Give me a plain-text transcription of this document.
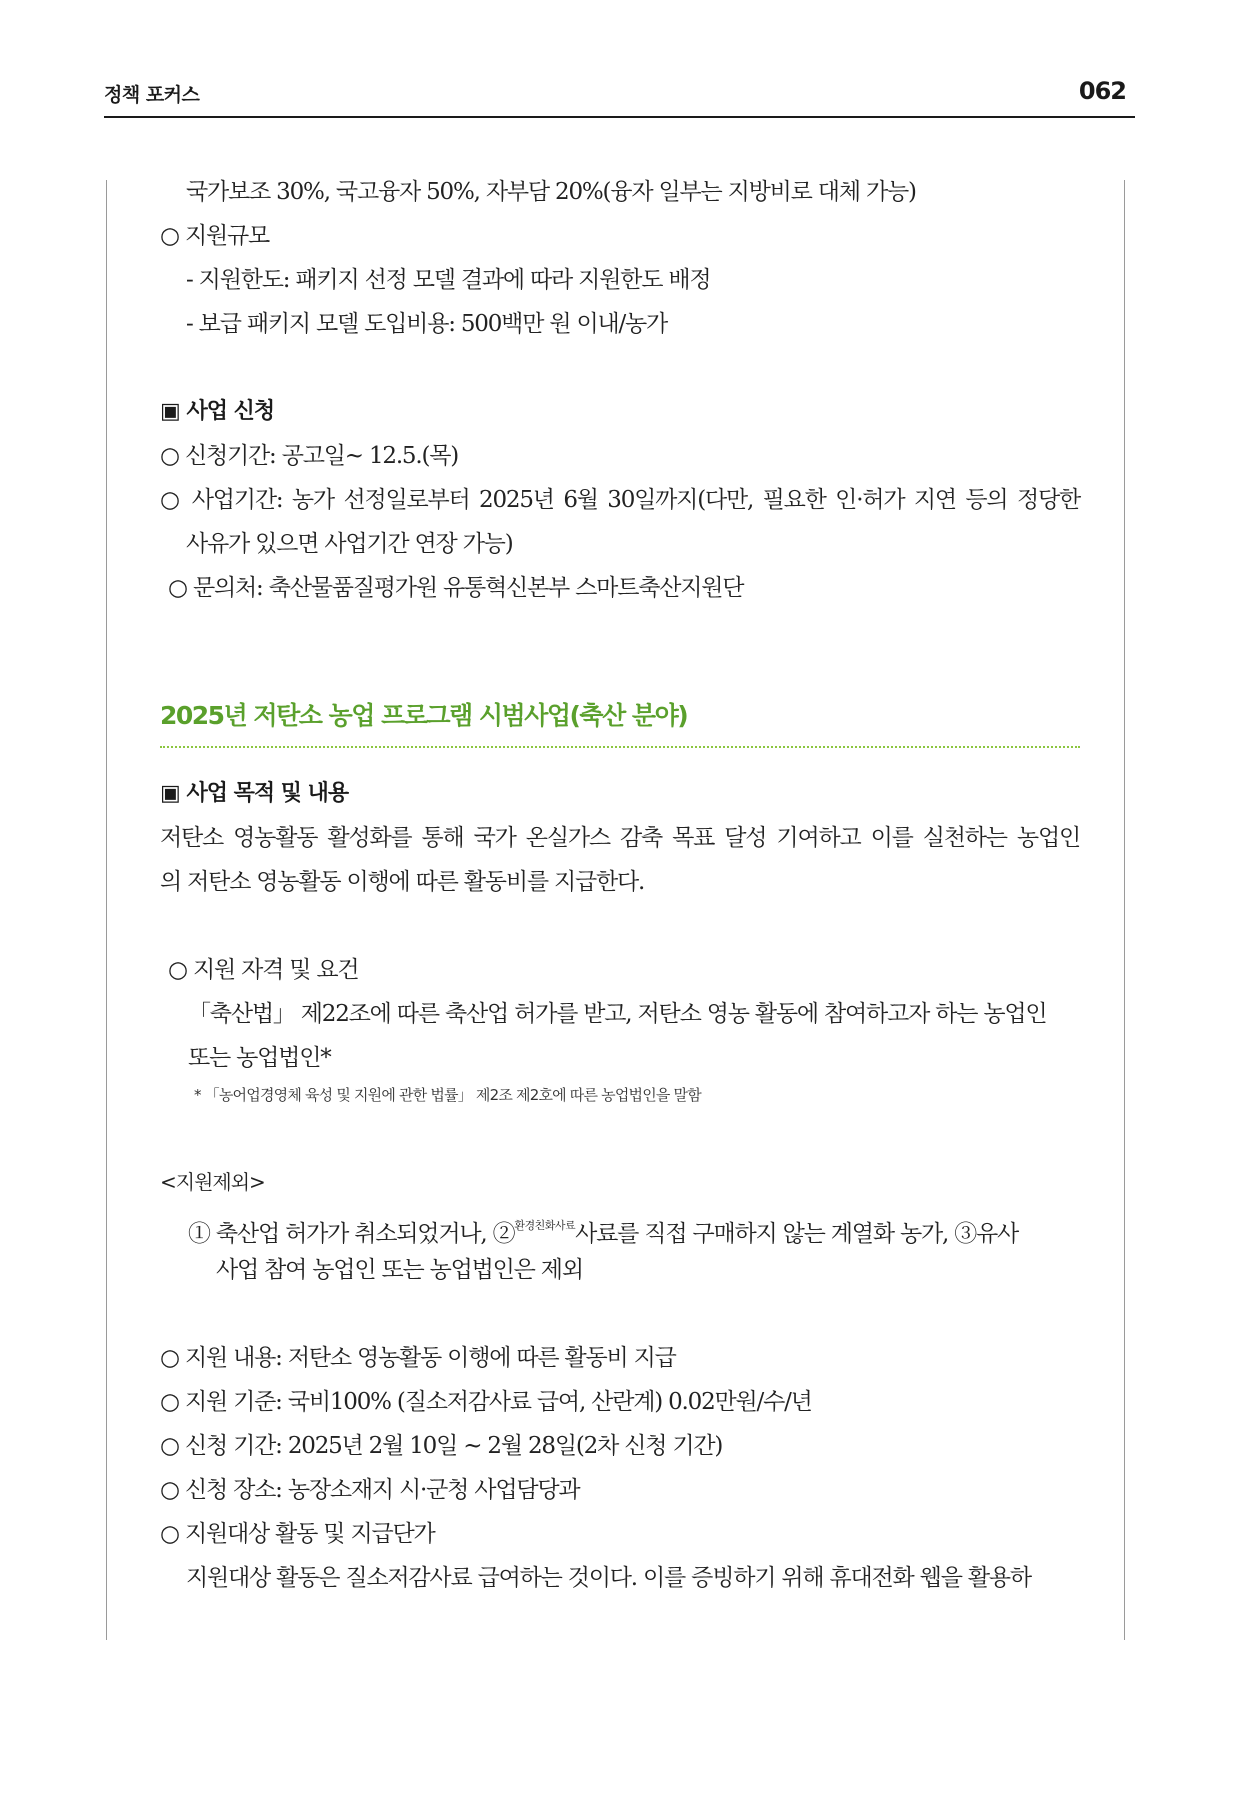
정책 포커스	062
국가보조 30%, 국고융자 50%, 자부담 20%(융자 일부는 지방비로 대체 가능)
○ 지원규모
- 지원한도: 패키지 선정 모델 결과에 따라 지원한도 배정
- 보급 패키지 모델 도입비용: 500백만 원 이내/농가
▣ 사업 신청
○ 신청기간: 공고일~ 12.5.(목)
○ 사업기간: 농가 선정일로부터 2025년 6월 30일까지(다만, 필요한 인·허가 지연 등의 정당한
사유가 있으면 사업기간 연장 가능)
○ 문의처: 축산물품질평가원 유통혁신본부 스마트축산지원단
2025년 저탄소 농업 프로그램 시범사업(축산 분야)
▣ 사업 목적 및 내용
저탄소 영농활동 활성화를 통해 국가 온실가스 감축 목표 달성 기여하고 이를 실천하는 농업인
의 저탄소 영농활동 이행에 따른 활동비를 지급한다.
○ 지원 자격 및 요건
「축산법」 제22조에 따른 축산업 허가를 받고, 저탄소 영농 활동에 참여하고자 하는 농업인
또는 농업법인*
* 「농어업경영체 육성 및 지원에 관한 법률」 제2조 제2호에 따른 농업법인을 말함
<지원제외>
① 축산업 허가가 취소되었거나, ②$^{환경친화사료}$사료를 직접 구매하지 않는 계열화 농가, ③유사
사업 참여 농업인 또는 농업법인은 제외
○ 지원 내용: 저탄소 영농활동 이행에 따른 활동비 지급
○ 지원 기준: 국비100% (질소저감사료 급여, 산란계) 0.02만원/수/년
○ 신청 기간: 2025년 2월 10일 ~ 2월 28일(2차 신청 기간)
○ 신청 장소: 농장소재지 시·군청 사업담당과
○ 지원대상 활동 및 지급단가
지원대상 활동은 질소저감사료 급여하는 것이다. 이를 증빙하기 위해 휴대전화 웹을 활용하
